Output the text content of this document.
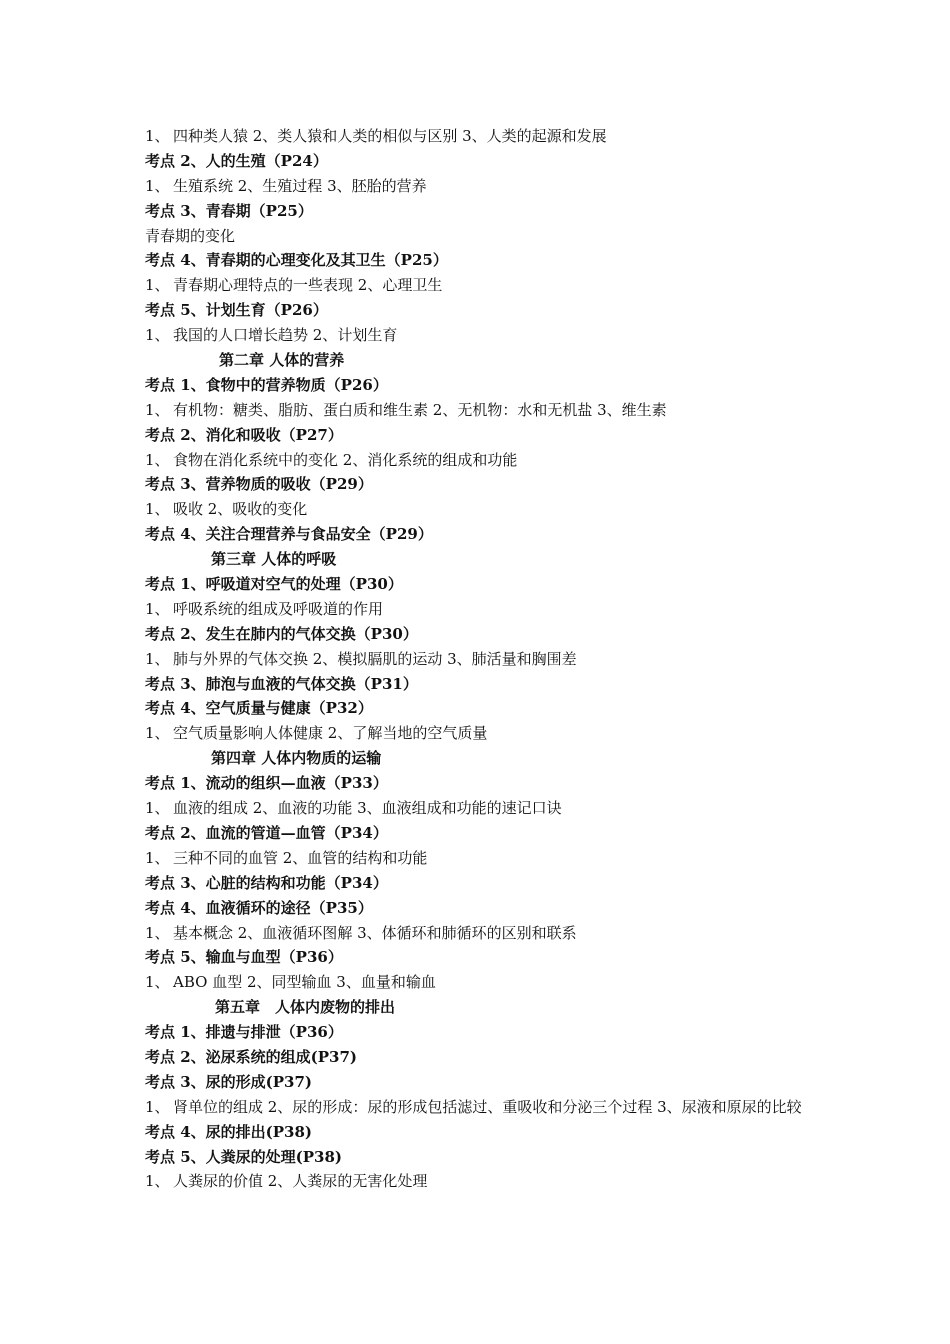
1、 四种类人猿 2、类人猿和人类的相似与区别 3、人类的起源和发展
考点 2、人的生殖（P24）
1、 生殖系统 2、生殖过程 3、胚胎的营养
考点 3、青春期（P25）
青春期的变化
考点 4、青春期的心理变化及其卫生（P25）
1、 青春期心理特点的一些表现 2、心理卫生
考点 5、计划生育（P26）
1、 我国的人口增长趋势 2、计划生育
第二章 人体的营养
考点 1、食物中的营养物质（P26）
1、 有机物：糖类、脂肪、蛋白质和维生素 2、无机物：水和无机盐 3、维生素
考点 2、消化和吸收（P27）
1、 食物在消化系统中的变化 2、消化系统的组成和功能
考点 3、营养物质的吸收（P29）
1、 吸收 2、吸收的变化
考点 4、关注合理营养与食品安全（P29）
第三章 人体的呼吸
考点 1、呼吸道对空气的处理（P30）
1、 呼吸系统的组成及呼吸道的作用
考点 2、发生在肺内的气体交换（P30）
1、 肺与外界的气体交换 2、模拟膈肌的运动 3、肺活量和胸围差
考点 3、肺泡与血液的气体交换（P31）
考点 4、空气质量与健康（P32）
1、 空气质量影响人体健康 2、了解当地的空气质量
第四章 人体内物质的运输
考点 1、流动的组织—血液（P33）
1、 血液的组成 2、血液的功能 3、血液组成和功能的速记口诀
考点 2、血流的管道—血管（P34）
1、 三种不同的血管 2、血管的结构和功能
考点 3、心脏的结构和功能（P34）
考点 4、血液循环的途径（P35）
1、 基本概念 2、血液循环图解 3、体循环和肺循环的区别和联系
考点 5、输血与血型（P36）
1、 ABO 血型 2、同型输血 3、血量和输血
第五章　人体内废物的排出
考点 1、排遗与排泄（P36）
考点 2、泌尿系统的组成(P37)
考点 3、尿的形成(P37)
1、 肾单位的组成 2、尿的形成：尿的形成包括滤过、重吸收和分泌三个过程 3、尿液和原尿的比较
考点 4、尿的排出(P38)
考点 5、人粪尿的处理(P38)
1、 人粪尿的价值 2、人粪尿的无害化处理
